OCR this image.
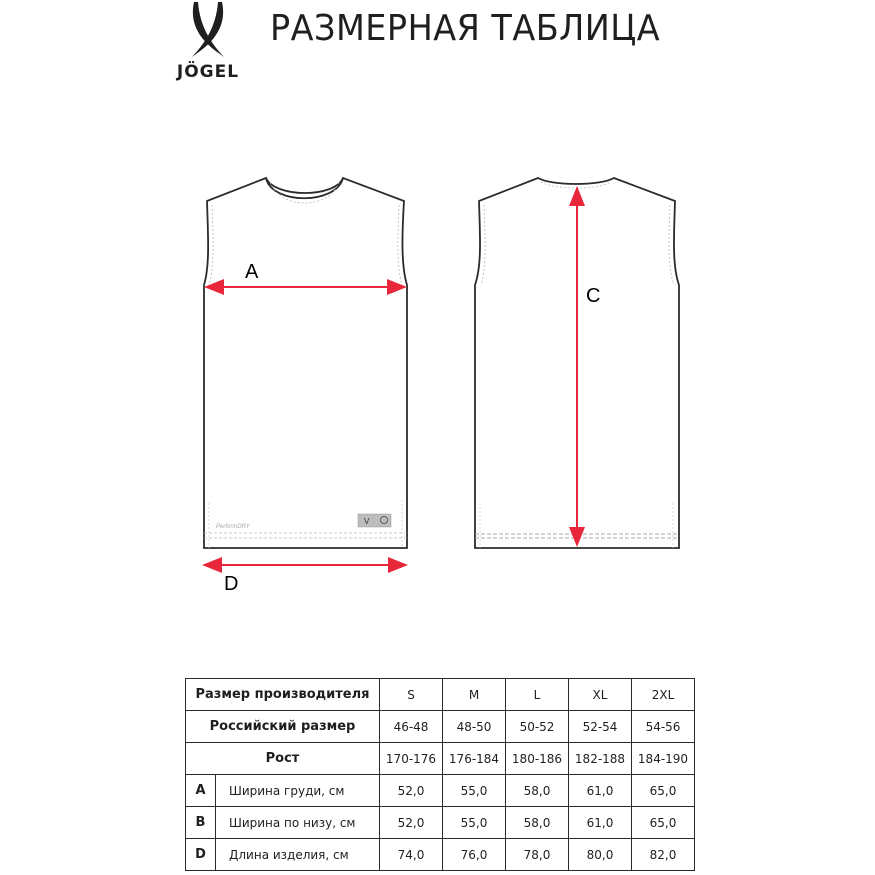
JÖGEL
РАЗМЕРНАЯ ТАБЛИЦА
PerformDRY
V
A
D
C
Размер производителя		S	M	L	XL	2XL
Российский размер		46-48	48-50	50-52	52-54	54-56
Рост		170-176	176-184	180-186	182-188	184-190
A	Ширина груди, см	52,0	55,0	58,0	61,0	65,0
B	Ширина по низу, см	52,0	55,0	58,0	61,0	65,0
D	Длина изделия, см	74,0	76,0	78,0	80,0	82,0
